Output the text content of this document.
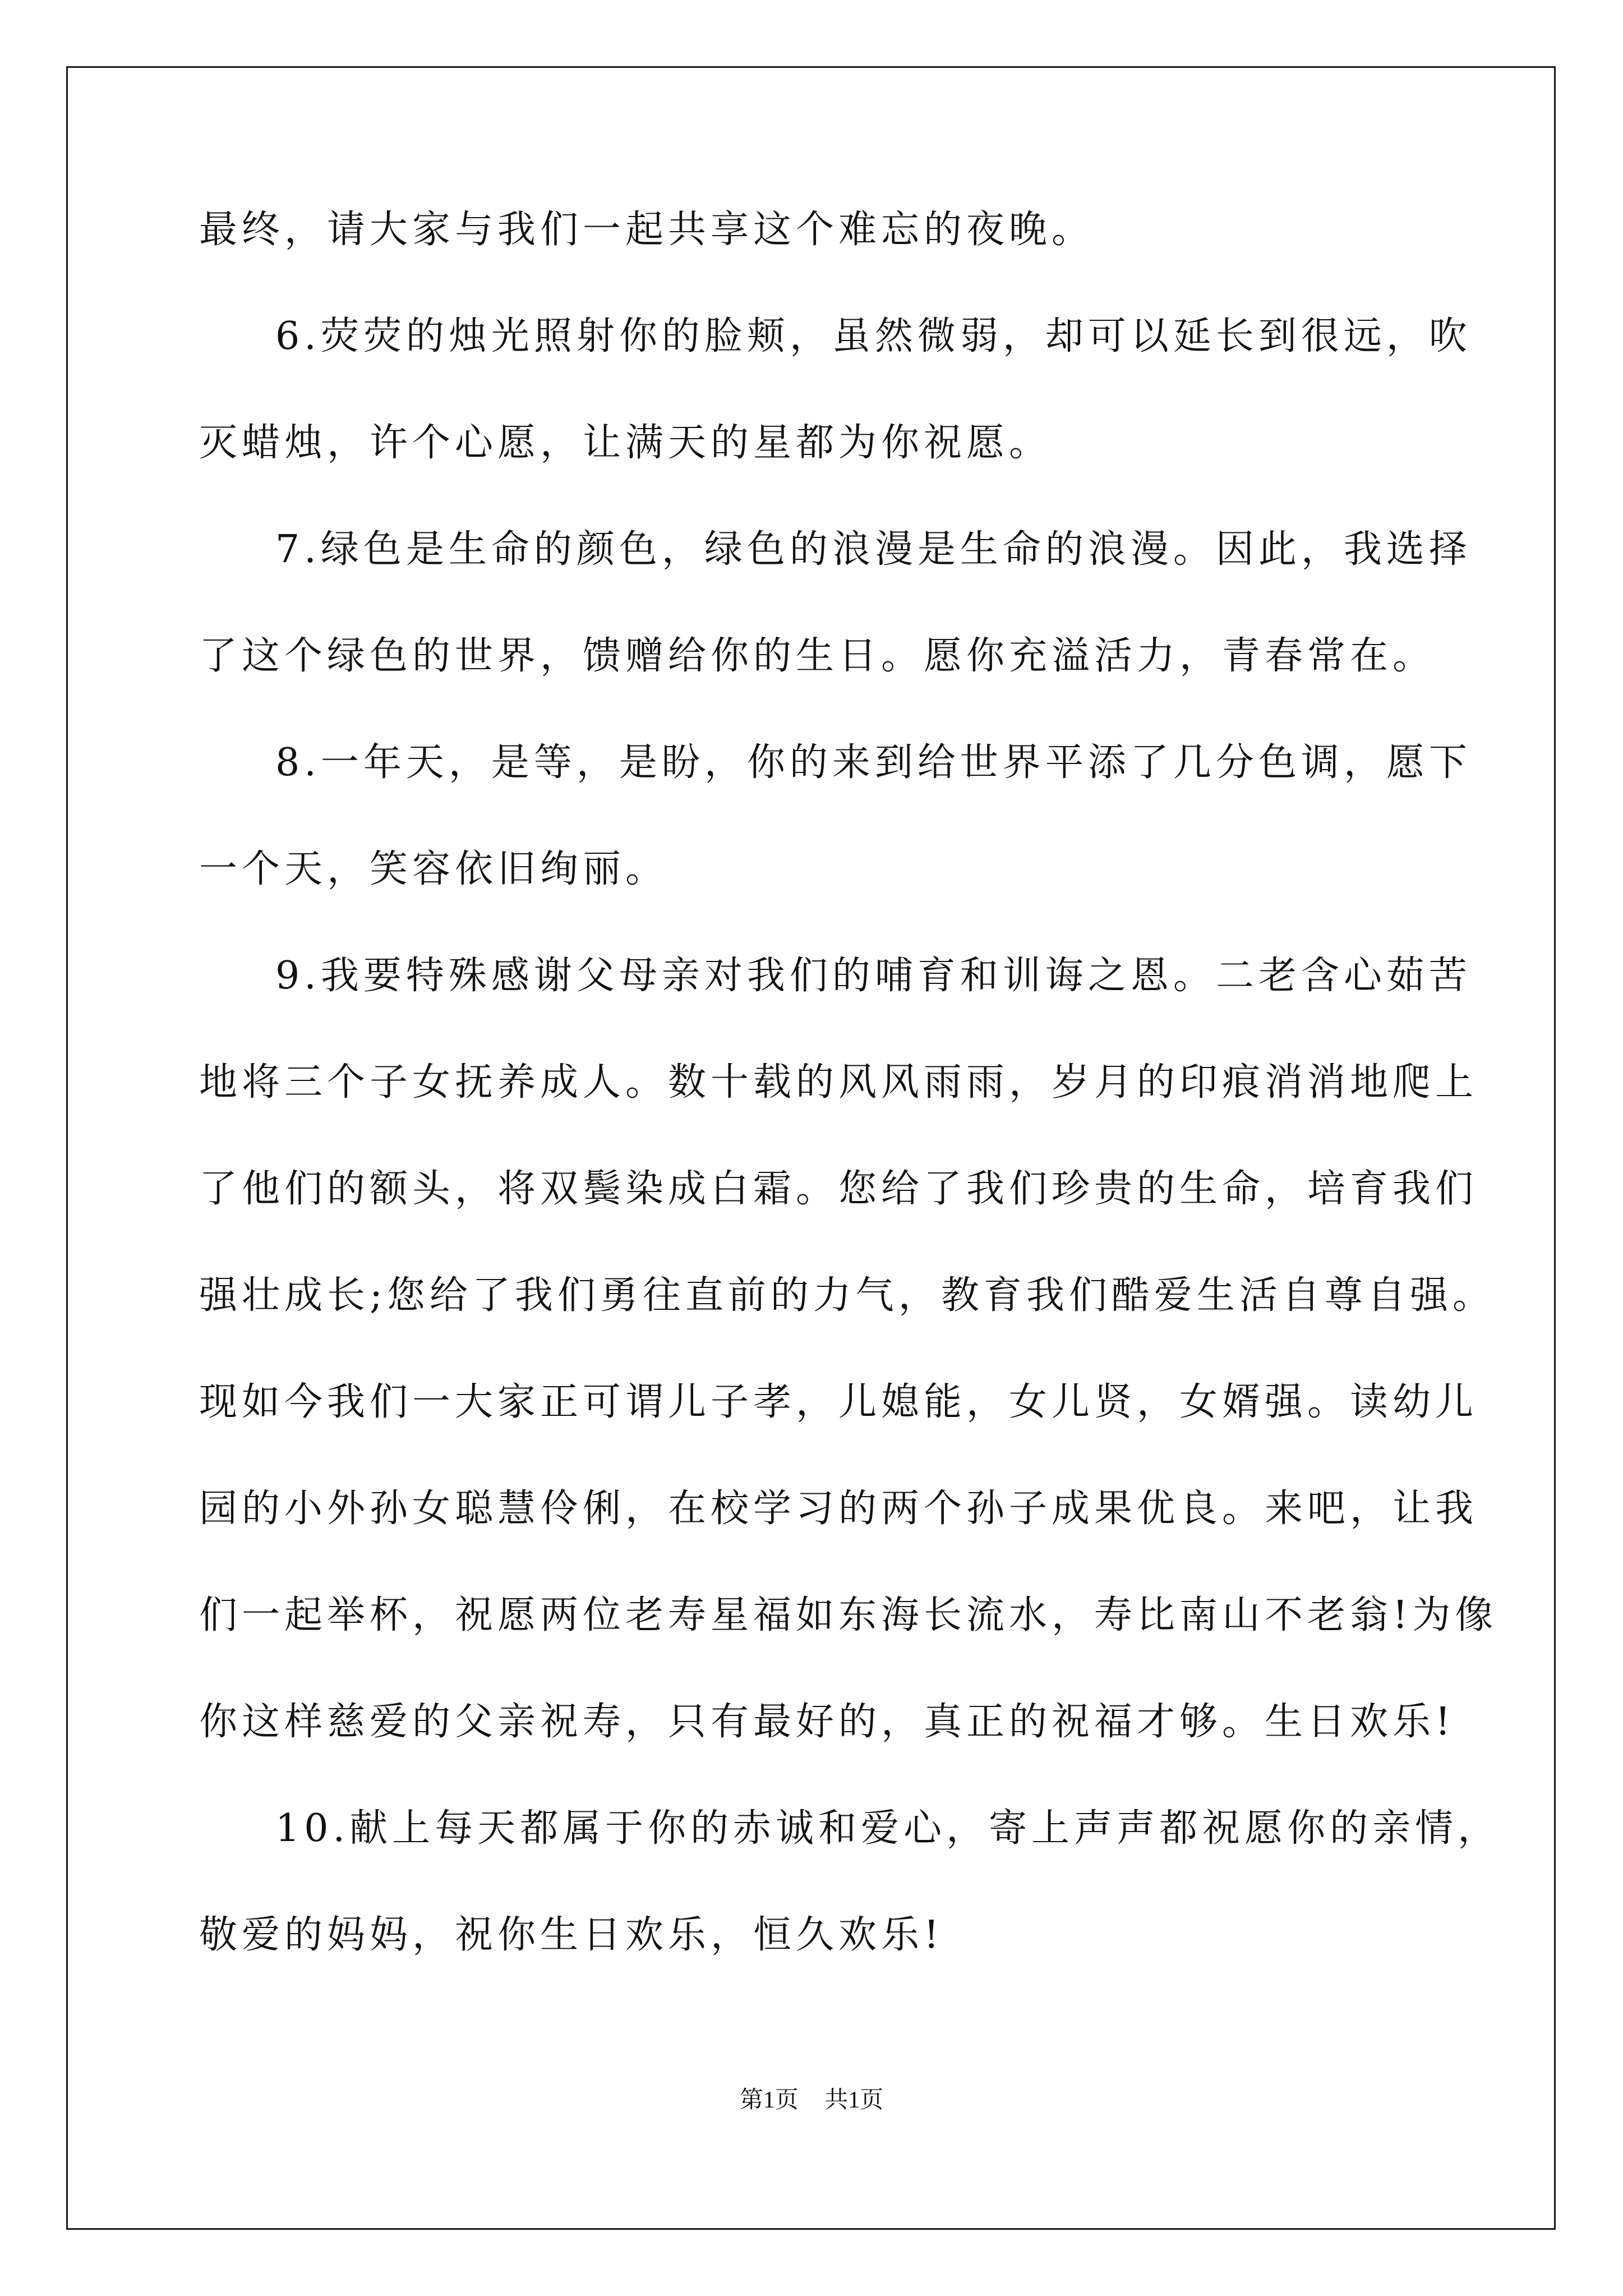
最终，请大家与我们一起共享这个难忘的夜晚。
6.荧荧的烛光照射你的脸颊，虽然微弱，却可以延长到很远，吹
灭蜡烛，许个心愿，让满天的星都为你祝愿。
7.绿色是生命的颜色，绿色的浪漫是生命的浪漫。因此，我选择
了这个绿色的世界，馈赠给你的生日。愿你充溢活力，青春常在。
8.一年天，是等，是盼，你的来到给世界平添了几分色调，愿下
一个天，笑容依旧绚丽。
9.我要特殊感谢父母亲对我们的哺育和训诲之恩。二老含心茹苦
地将三个子女抚养成人。数十载的风风雨雨，岁月的印痕消消地爬上
了他们的额头，将双鬓染成白霜。您给了我们珍贵的生命，培育我们
强壮成长;您给了我们勇往直前的力气，教育我们酷爱生活自尊自强。
现如今我们一大家正可谓儿子孝，儿媳能，女儿贤，女婿强。读幼儿
园的小外孙女聪慧伶俐，在校学习的两个孙子成果优良。来吧，让我
们一起举杯，祝愿两位老寿星福如东海长流水，寿比南山不老翁!为像
你这样慈爱的父亲祝寿，只有最好的，真正的祝福才够。生日欢乐!
10.献上每天都属于你的赤诚和爱心，寄上声声都祝愿你的亲情，
敬爱的妈妈，祝你生日欢乐，恒久欢乐!
第1页 共1页
